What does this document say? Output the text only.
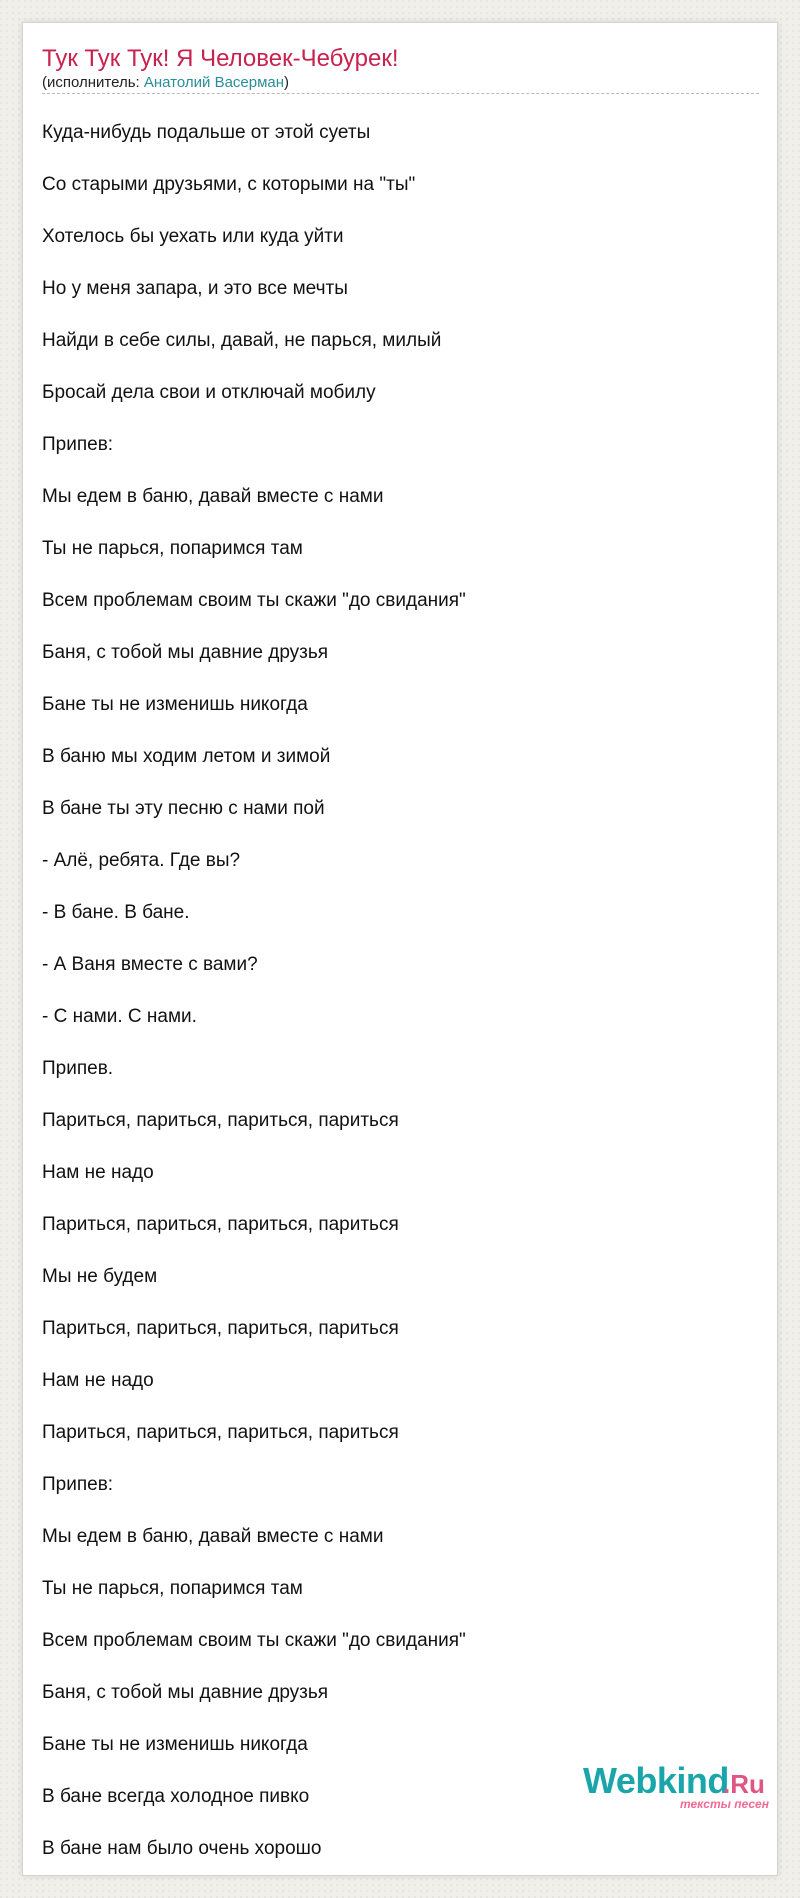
Тук Тук Тук! Я Человек-Чебурек!
(исполнитель: Анатолий Васерман)
Куда-нибудь подальше от этой суеты
Со старыми друзьями, с которыми на "ты"
Хотелось бы уехать или куда уйти
Но у меня запара, и это все мечты
Найди в себе силы, давай, не парься, милый
Бросай дела свои и отключай мобилу
Припев:
Мы едем в баню, давай вместе с нами
Ты не парься, попаримся там
Всем проблемам своим ты скажи "до свидания"
Баня, с тобой мы давние друзья
Бане ты не изменишь никогда
В баню мы ходим летом и зимой
В бане ты эту песню с нами пой
- Алё, ребята. Где вы?
- В бане. В бане.
- А Ваня вместе с вами?
- С нами. С нами.
Припев.
Париться, париться, париться, париться
Нам не надо
Париться, париться, париться, париться
Мы не будем
Париться, париться, париться, париться
Нам не надо
Париться, париться, париться, париться
Припев:
Мы едем в баню, давай вместе с нами
Ты не парься, попаримся там
Всем проблемам своим ты скажи "до свидания"
Баня, с тобой мы давние друзья
Бане ты не изменишь никогда
В бане всегда холодное пивко
В бане нам было очень хорошо
Webkind
.Ru
тексты песен
